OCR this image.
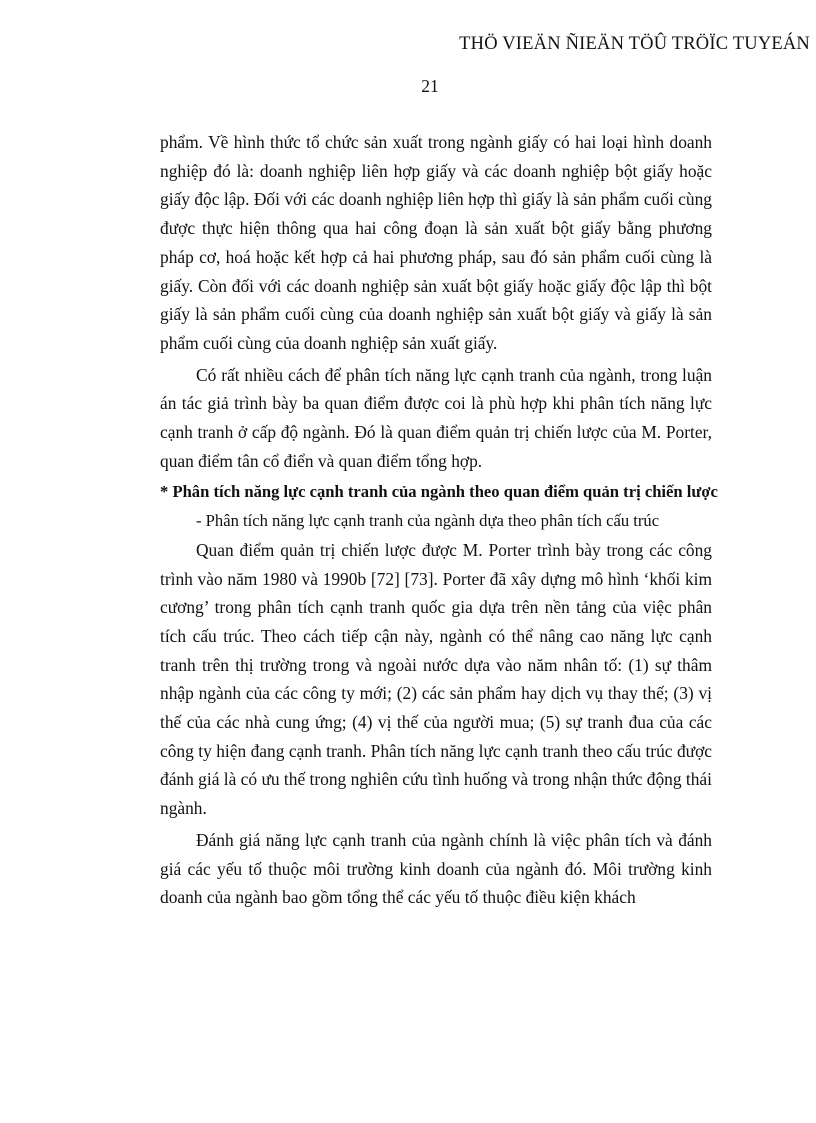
THÖ VIEÄN ÑIEÄN TÖÛ TRÖÏC TUYEÁN
21

phẩm. Về hình thức tổ chức sản xuất trong ngành giấy có hai loại hình doanh nghiệp đó là: doanh nghiệp liên hợp giấy và các doanh nghiệp bột giấy hoặc giấy độc lập. Đối với các doanh nghiệp liên hợp thì giấy là sản phẩm cuối cùng được thực hiện thông qua hai công đoạn là sản xuất bột giấy bằng phương pháp cơ, hoá hoặc kết hợp cả hai phương pháp, sau đó sản phẩm cuối cùng là giấy. Còn đối với các doanh nghiệp sản xuất bột giấy hoặc giấy độc lập thì bột giấy là sản phẩm cuối cùng của doanh nghiệp sản xuất bột giấy và giấy là sản phẩm cuối cùng của doanh nghiệp sản xuất giấy.

Có rất nhiều cách để phân tích năng lực cạnh tranh của ngành, trong luận án tác giả trình bày ba quan điểm được coi là phù hợp khi phân tích năng lực cạnh tranh ở cấp độ ngành. Đó là quan điểm quản trị chiến lược của M. Porter, quan điểm tân cổ điển và quan điểm tổng hợp.

* Phân tích năng lực cạnh tranh của ngành theo quan điểm quản trị chiến lược

- Phân tích năng lực cạnh tranh của ngành dựa theo phân tích cấu trúc

Quan điểm quản trị chiến lược được M. Porter trình bày trong các công trình vào năm 1980 và 1990b [72] [73]. Porter đã xây dựng mô hình ‘khối kim cương’ trong phân tích cạnh tranh quốc gia dựa trên nền tảng của việc phân tích cấu trúc. Theo cách tiếp cận này, ngành có thể nâng cao năng lực cạnh tranh trên thị trường trong và ngoài nước dựa vào năm nhân tố: (1) sự thâm nhập ngành của các công ty mới; (2) các sản phẩm hay dịch vụ thay thế; (3) vị thế của các nhà cung ứng; (4) vị thế của người mua; (5) sự tranh đua của các công ty hiện đang cạnh tranh. Phân tích năng lực cạnh tranh theo cấu trúc được đánh giá là có ưu thế trong nghiên cứu tình huống và trong nhận thức động thái ngành.

Đánh giá năng lực cạnh tranh của ngành chính là việc phân tích và đánh giá các yếu tố thuộc môi trường kinh doanh của ngành đó. Môi trường kinh doanh của ngành bao gồm tổng thể các yếu tố thuộc điều kiện khách
